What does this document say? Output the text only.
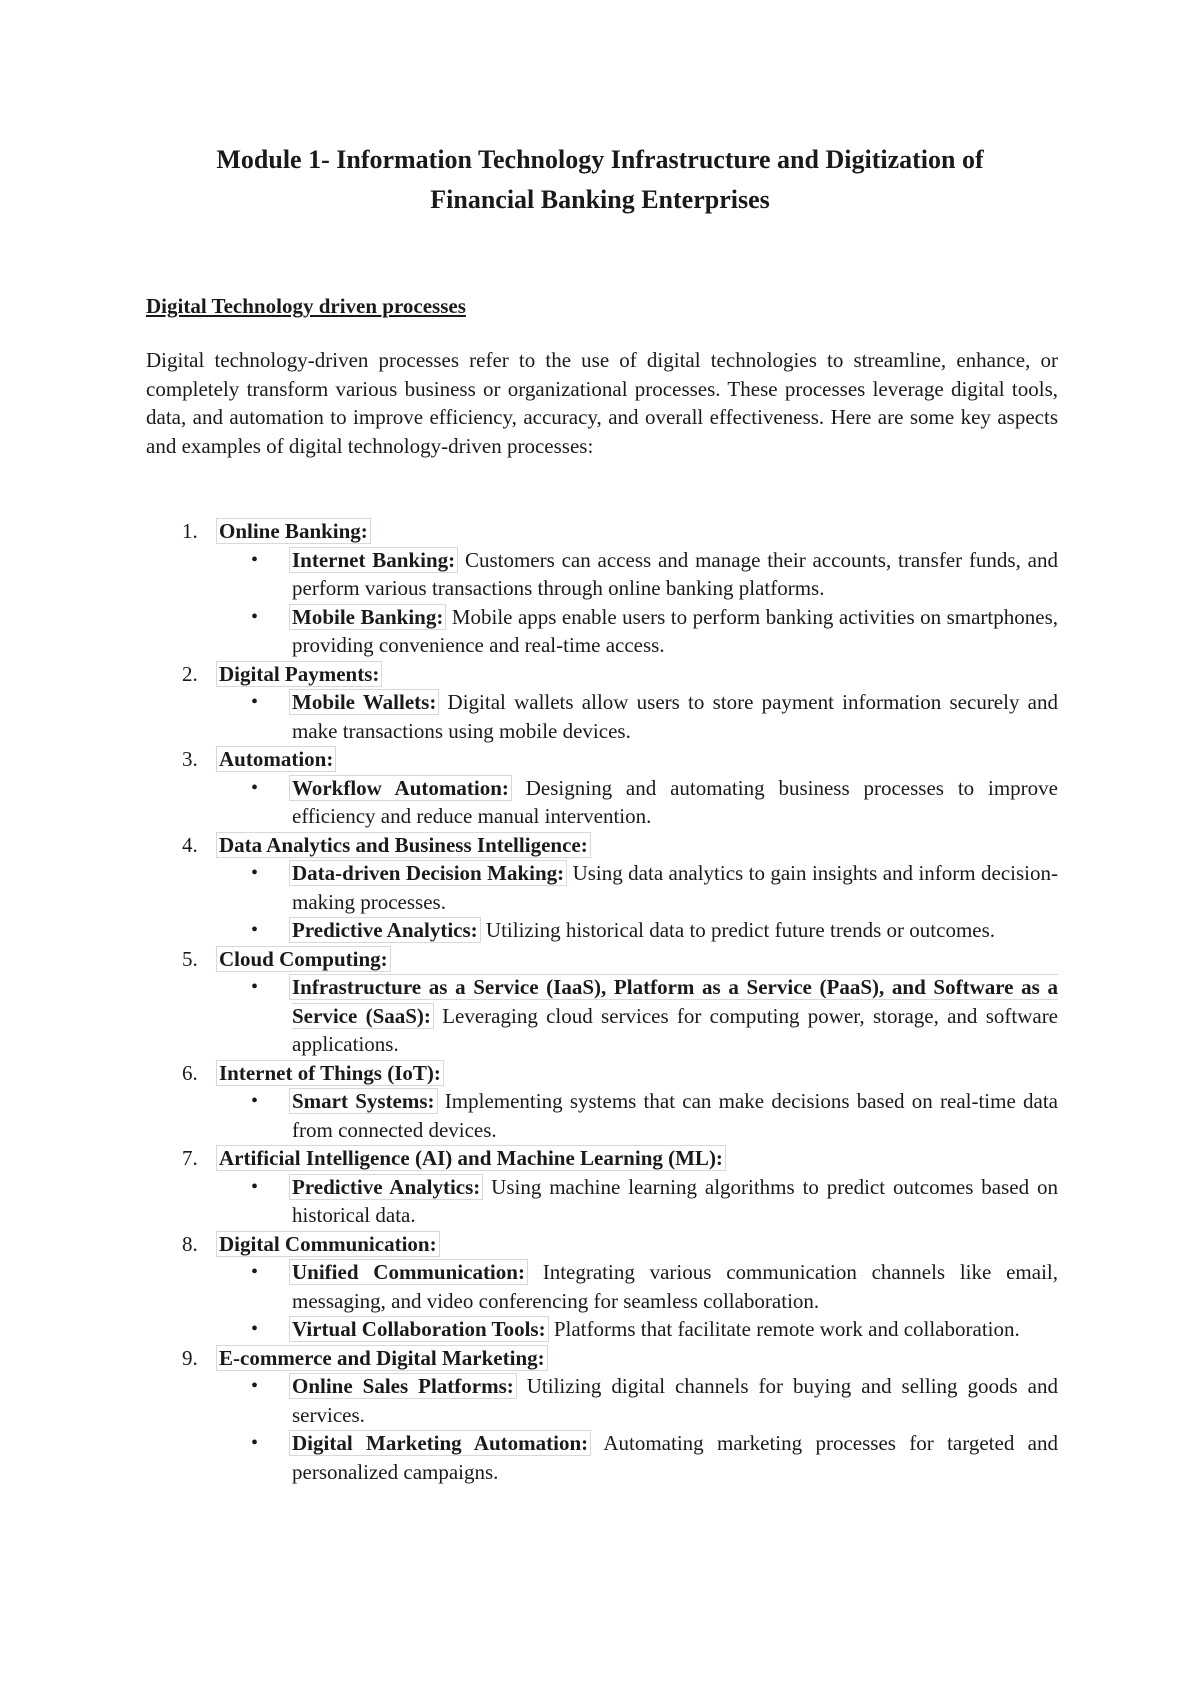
Module 1- Information Technology Infrastructure and Digitization of
Financial Banking Enterprises
Digital Technology driven processes

Digital technology-driven processes refer to the use of digital technologies to streamline, enhance, or completely transform various business or organizational processes. These processes leverage digital tools, data, and automation to improve efficiency, accuracy, and overall effectiveness. Here are some key aspects and examples of digital technology-driven processes:

1. Online Banking:
• Internet Banking: Customers can access and manage their accounts, transfer funds, and perform various transactions through online banking platforms.
• Mobile Banking: Mobile apps enable users to perform banking activities on smartphones, providing convenience and real-time access.
2. Digital Payments:
• Mobile Wallets: Digital wallets allow users to store payment information securely and make transactions using mobile devices.
3. Automation:
• Workflow Automation: Designing and automating business processes to improve efficiency and reduce manual intervention.
4. Data Analytics and Business Intelligence:
• Data-driven Decision Making: Using data analytics to gain insights and inform decision-making processes.
• Predictive Analytics: Utilizing historical data to predict future trends or outcomes.
5. Cloud Computing:
• Infrastructure as a Service (IaaS), Platform as a Service (PaaS), and Software as a Service (SaaS): Leveraging cloud services for computing power, storage, and software applications.
6. Internet of Things (IoT):
• Smart Systems: Implementing systems that can make decisions based on real-time data from connected devices.
7. Artificial Intelligence (AI) and Machine Learning (ML):
• Predictive Analytics: Using machine learning algorithms to predict outcomes based on historical data.
8. Digital Communication:
• Unified Communication: Integrating various communication channels like email, messaging, and video conferencing for seamless collaboration.
• Virtual Collaboration Tools: Platforms that facilitate remote work and collaboration.
9. E-commerce and Digital Marketing:
• Online Sales Platforms: Utilizing digital channels for buying and selling goods and services.
• Digital Marketing Automation: Automating marketing processes for targeted and personalized campaigns.
